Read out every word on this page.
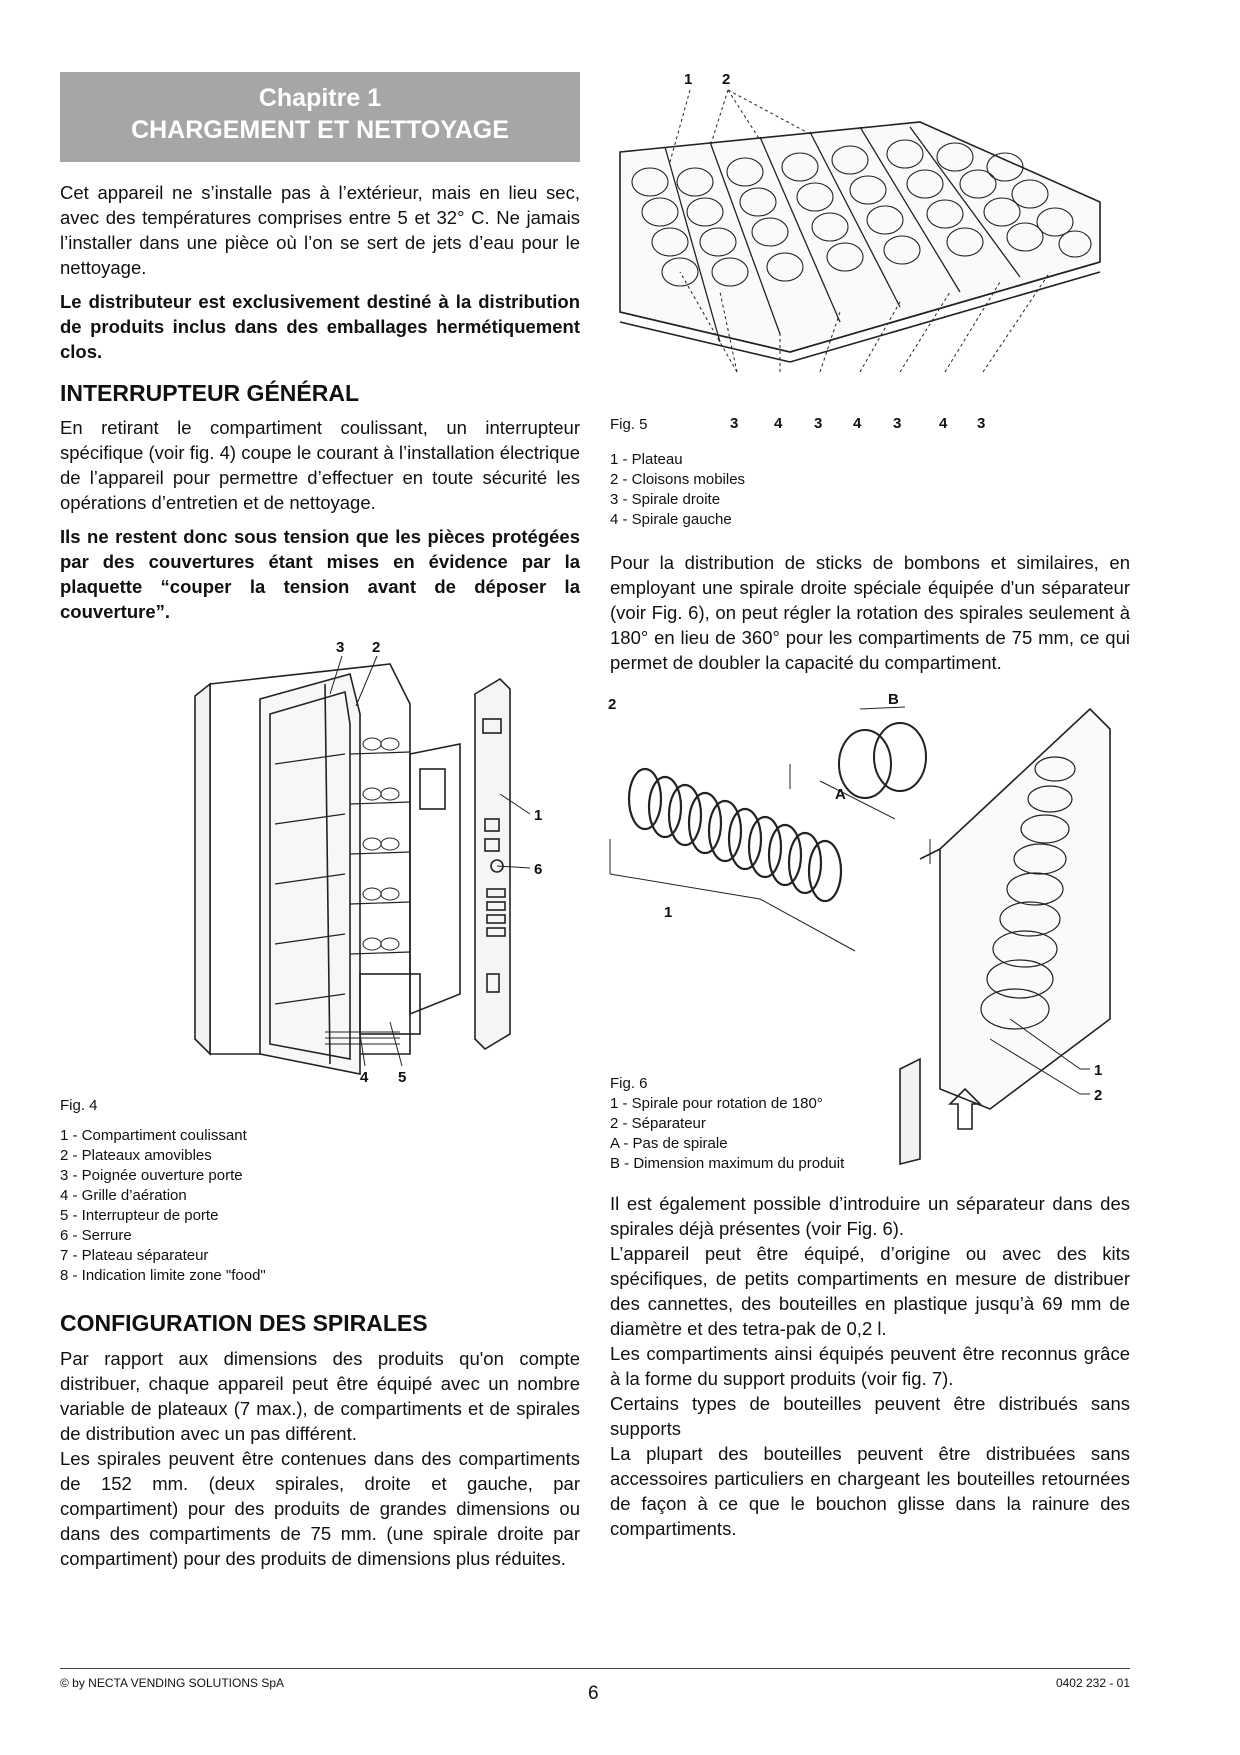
Chapitre 1
CHARGEMENT ET NETTOYAGE

Cet appareil ne s’installe pas à l’extérieur, mais en lieu sec, avec des températures comprises entre 5 et 32° C. Ne jamais l’installer dans une pièce où l’on se sert de jets d’eau pour le nettoyage.

Le distributeur est exclusivement destiné à la distribution de produits inclus dans des emballages hermétiquement clos.

INTERRUPTEUR GÉNÉRAL

En retirant le compartiment coulissant, un interrupteur spécifique (voir fig. 4) coupe le courant à l’installation électrique de l’appareil pour permettre d’effectuer en toute sécurité les opérations d’entretien et de nettoyage.

Ils ne restent donc sous tension que les pièces protégées par des couvertures étant mises en évidence par la plaquette “couper la tension avant de déposer la couverture”.

3 2
1
6
4 5
Fig. 4
1 - Compartiment coulissant
2 - Plateaux amovibles
3 - Poignée ouverture porte
4 - Grille d’aération
5 - Interrupteur de porte
6 - Serrure
7 - Plateau séparateur
8 - Indication limite zone "food"
CONFIGURATION DES SPIRALES

Par rapport aux dimensions des produits qu'on compte distribuer, chaque appareil peut être équipé avec un nombre variable de plateaux (7 max.), de compartiments et de spirales de distribution avec un pas différent.

Les spirales peuvent être contenues dans des compartiments de 152 mm. (deux spirales, droite et gauche, par compartiment) pour des produits de grandes dimensions ou dans des compartiments de 75 mm. (une spirale droite par compartiment) pour des produits de dimensions plus réduites.

1 2
3 4 3 4 3	4 3
Fig. 5
1 - Plateau
2 - Cloisons mobiles
3 - Spirale droite
4 - Spirale gauche

Pour la distribution de sticks de bombons et similaires, en employant une spirale droite spéciale équipée d'un séparateur (voir Fig. 6), on peut régler la rotation des spirales seulement à 180° en lieu de 360° pour les compartiments de 75 mm, ce qui permet de doubler la capacité du compartiment.

2	B
A
1
1
2
Fig. 6
1 - Spirale pour rotation de 180°
2 - Séparateur
A - Pas de spirale
B - Dimension maximum du produit

Il est également possible d’introduire un séparateur dans des spirales déjà présentes (voir Fig. 6).

L’appareil peut être équipé, d’origine ou avec des kits spécifiques, de petits compartiments en mesure de distribuer des cannettes, des bouteilles en plastique jusqu’à 69 mm de diamètre et des tetra-pak de 0,2 l.

Les compartiments ainsi équipés peuvent être reconnus grâce à la forme du support produits (voir fig. 7).

Certains types de bouteilles peuvent être distribués sans supports

La plupart des bouteilles peuvent être distribuées sans accessoires particuliers en chargeant les bouteilles retournées de façon à ce que le bouchon glisse dans la rainure des compartiments.

© by NECTA VENDING SOLUTIONS SpA	6	0402 232 - 01
